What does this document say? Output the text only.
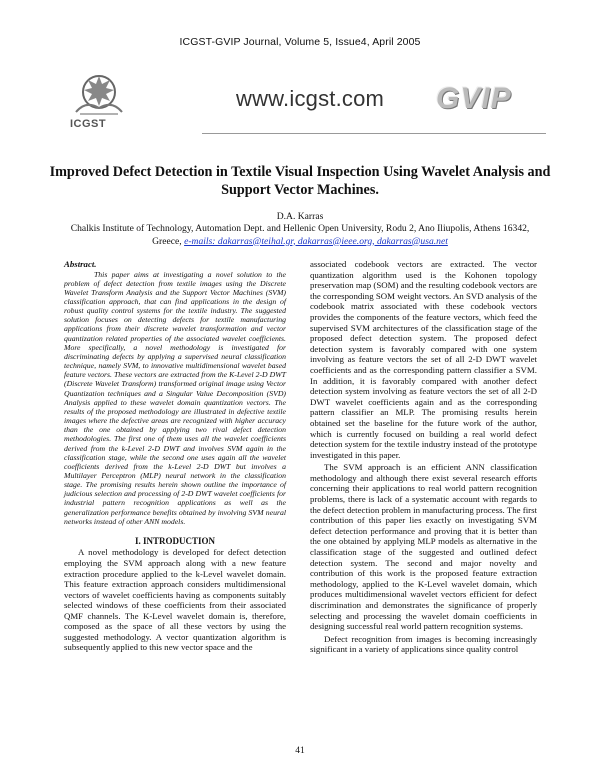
ICGST-GVIP Journal, Volume 5, Issue4, April 2005
ICGST
www.icgst.com GVIP
Improved Defect Detection in Textile Visual Inspection Using Wavelet Analysis and Support Vector Machines.
D.A. Karras
Chalkis Institute of Technology, Automation Dept. and Hellenic Open University, Rodu 2, Ano Iliupolis, Athens 16342,
Greece, e-mails: dakarras@teihal.gr, dakarras@ieee.org, dakarras@usa.net

Abstract.

This paper aims at investigating a novel solution to the problem of defect detection from textile images using the Discrete Wavelet Transform Analysis and the Support Vector Machines (SVM) classification approach, that can find applications in the design of robust quality control systems for the textile industry. The suggested solution focuses on detecting defects for textile manufacturing applications from their discrete wavelet transformation and vector quantization related properties of the associated wavelet coefficients. More specifically, a novel methodology is investigated for discriminating defects by applying a supervised neural classification technique, namely SVM, to innovative multidimensional wavelet based feature vectors. These vectors are extracted from the K-Level 2-D DWT (Discrete Wavelet Transform) transformed original image using Vector Quantization techniques and a Singular Value Decomposition (SVD) Analysis applied to these wavelet domain quantization vectors. The results of the proposed methodology are illustrated in defective textile images where the defective areas are recognized with higher accuracy than the one obtained by applying two rival defect detection methodologies. The first one of them uses all the wavelet coefficients derived from the k-Level 2-D DWT and involves SVM again in the classification stage, while the second one uses again all the wavelet coefficients derived from the k-Level 2-D DWT but involves a Multilayer Perceptron (MLP) neural network in the classification stage. The promising results herein shown outline the importance of judicious selection and processing of 2-D DWT wavelet coefficients for industrial pattern recognition applications as well as the generalization performance benefits obtained by involving SVM neural networks instead of other ANN models.

I. INTRODUCTION

A novel methodology is developed for defect detection employing the SVM approach along with a new feature extraction procedure applied to the k-Level wavelet domain. This feature extraction approach considers multidimensional vectors of wavelet coefficients having as components suitably selected windows of these coefficients from their associated QMF channels. The K-Level wavelet domain is, therefore, composed as the space of all these vectors by using the suggested methodology. A vector quantization algorithm is subsequently applied to this new vector space and the

associated codebook vectors are extracted. The vector quantization algorithm used is the Kohonen topology preservation map (SOM) and the resulting codebook vectors are the corresponding SOM weight vectors. An SVD analysis of the codebook matrix associated with these codebook vectors provides the components of the feature vectors, which feed the supervised SVM architectures of the classification stage of the proposed defect detection system. The proposed defect detection system is favorably compared with one system involving as feature vectors the set of all 2-D DWT wavelet coefficients and as the corresponding pattern classifier a SVM. In addition, it is favorably compared with another defect detection system involving as feature vectors the set of all 2-D DWT wavelet coefficients again and as the corresponding pattern classifier an MLP. The promising results herein obtained set the baseline for the future work of the author, which is currently focused on building a real world defect detection system for the textile industry instead of the prototype investigated in this paper.

The SVM approach is an efficient ANN classification methodology and although there exist several research efforts concerning their applications to real world pattern recognition problems, there is lack of a systematic account with regards to the defect detection problem in manufacturing process. The first contribution of this paper lies exactly on investigating SVM defect detection performance and proving that it is better than the one obtained by applying MLP models as alternative in the classification stage of the suggested and outlined defect detection system. The second and major novelty and contribution of this work is the proposed feature extraction methodology, applied to the K-Level wavelet domain, which produces multidimensional wavelet vectors efficient for defect discrimination and demonstrates the significance of properly selecting and processing the wavelet domain coefficients in designing successful real world pattern recognition systems.

Defect recognition from images is becoming increasingly significant in a variety of applications since quality control

41
